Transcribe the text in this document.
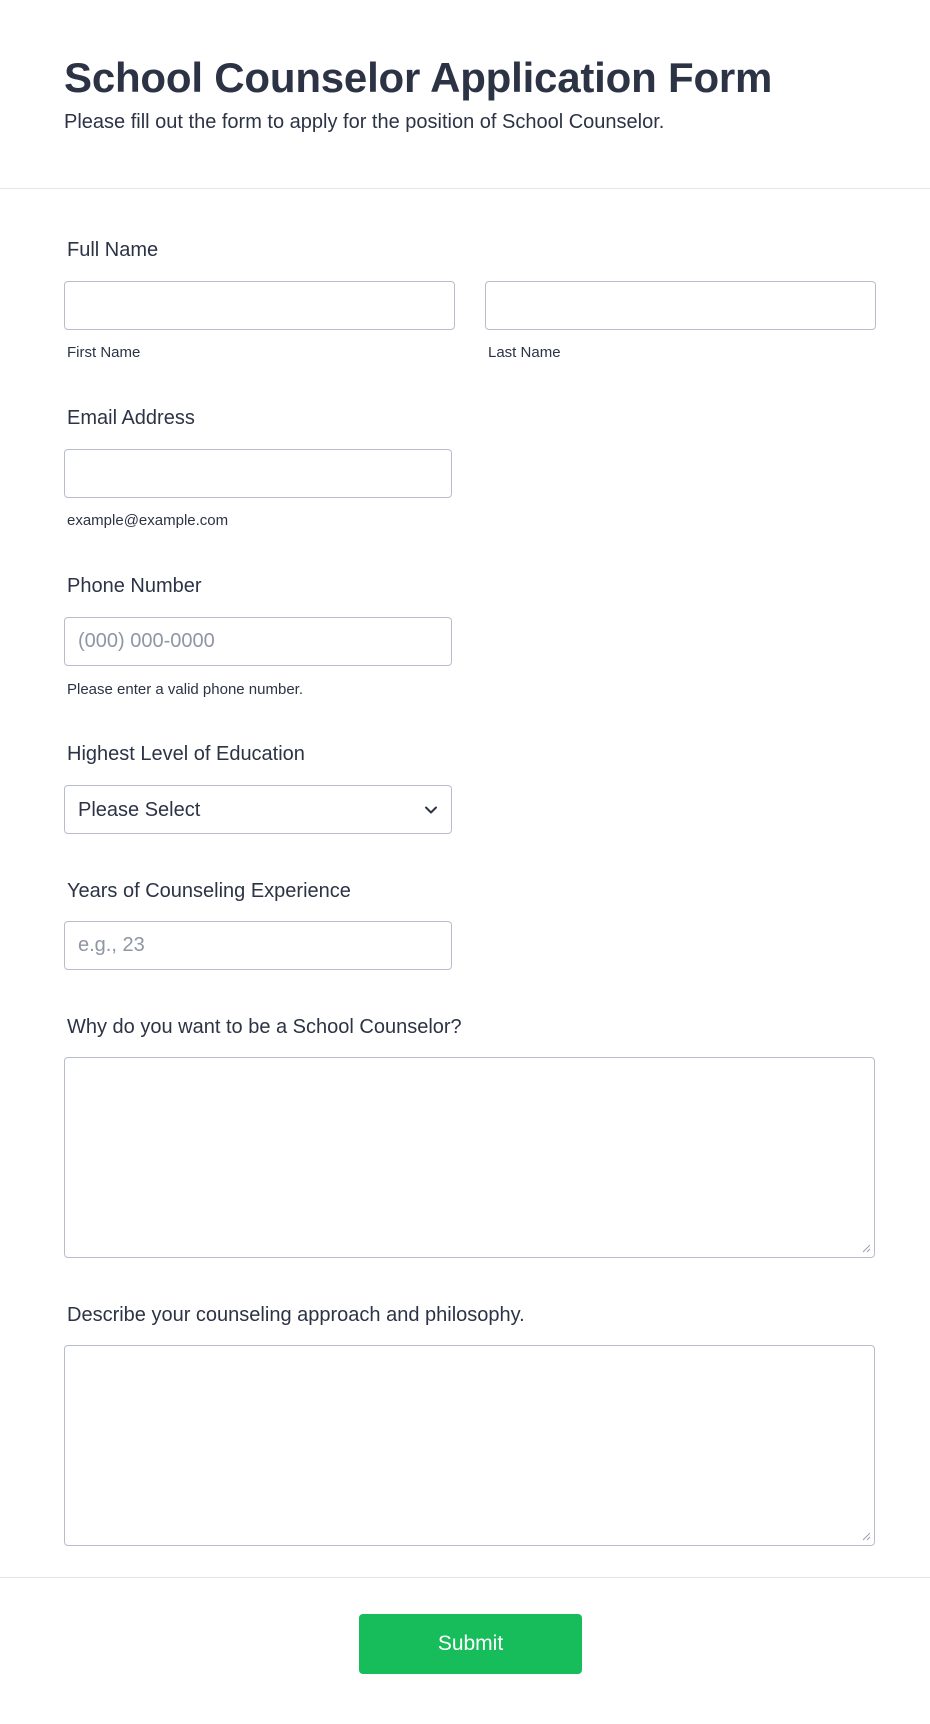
School Counselor Application Form

Please fill out the form to apply for the position of School Counselor.

Full Name
First Name	Last Name
Email Address
example@example.com
Phone Number
(000) 000-0000
Please enter a valid phone number.
Highest Level of Education
Please Select
Years of Counseling Experience
e.g., 23
Why do you want to be a School Counselor?
Describe your counseling approach and philosophy.
Submit
